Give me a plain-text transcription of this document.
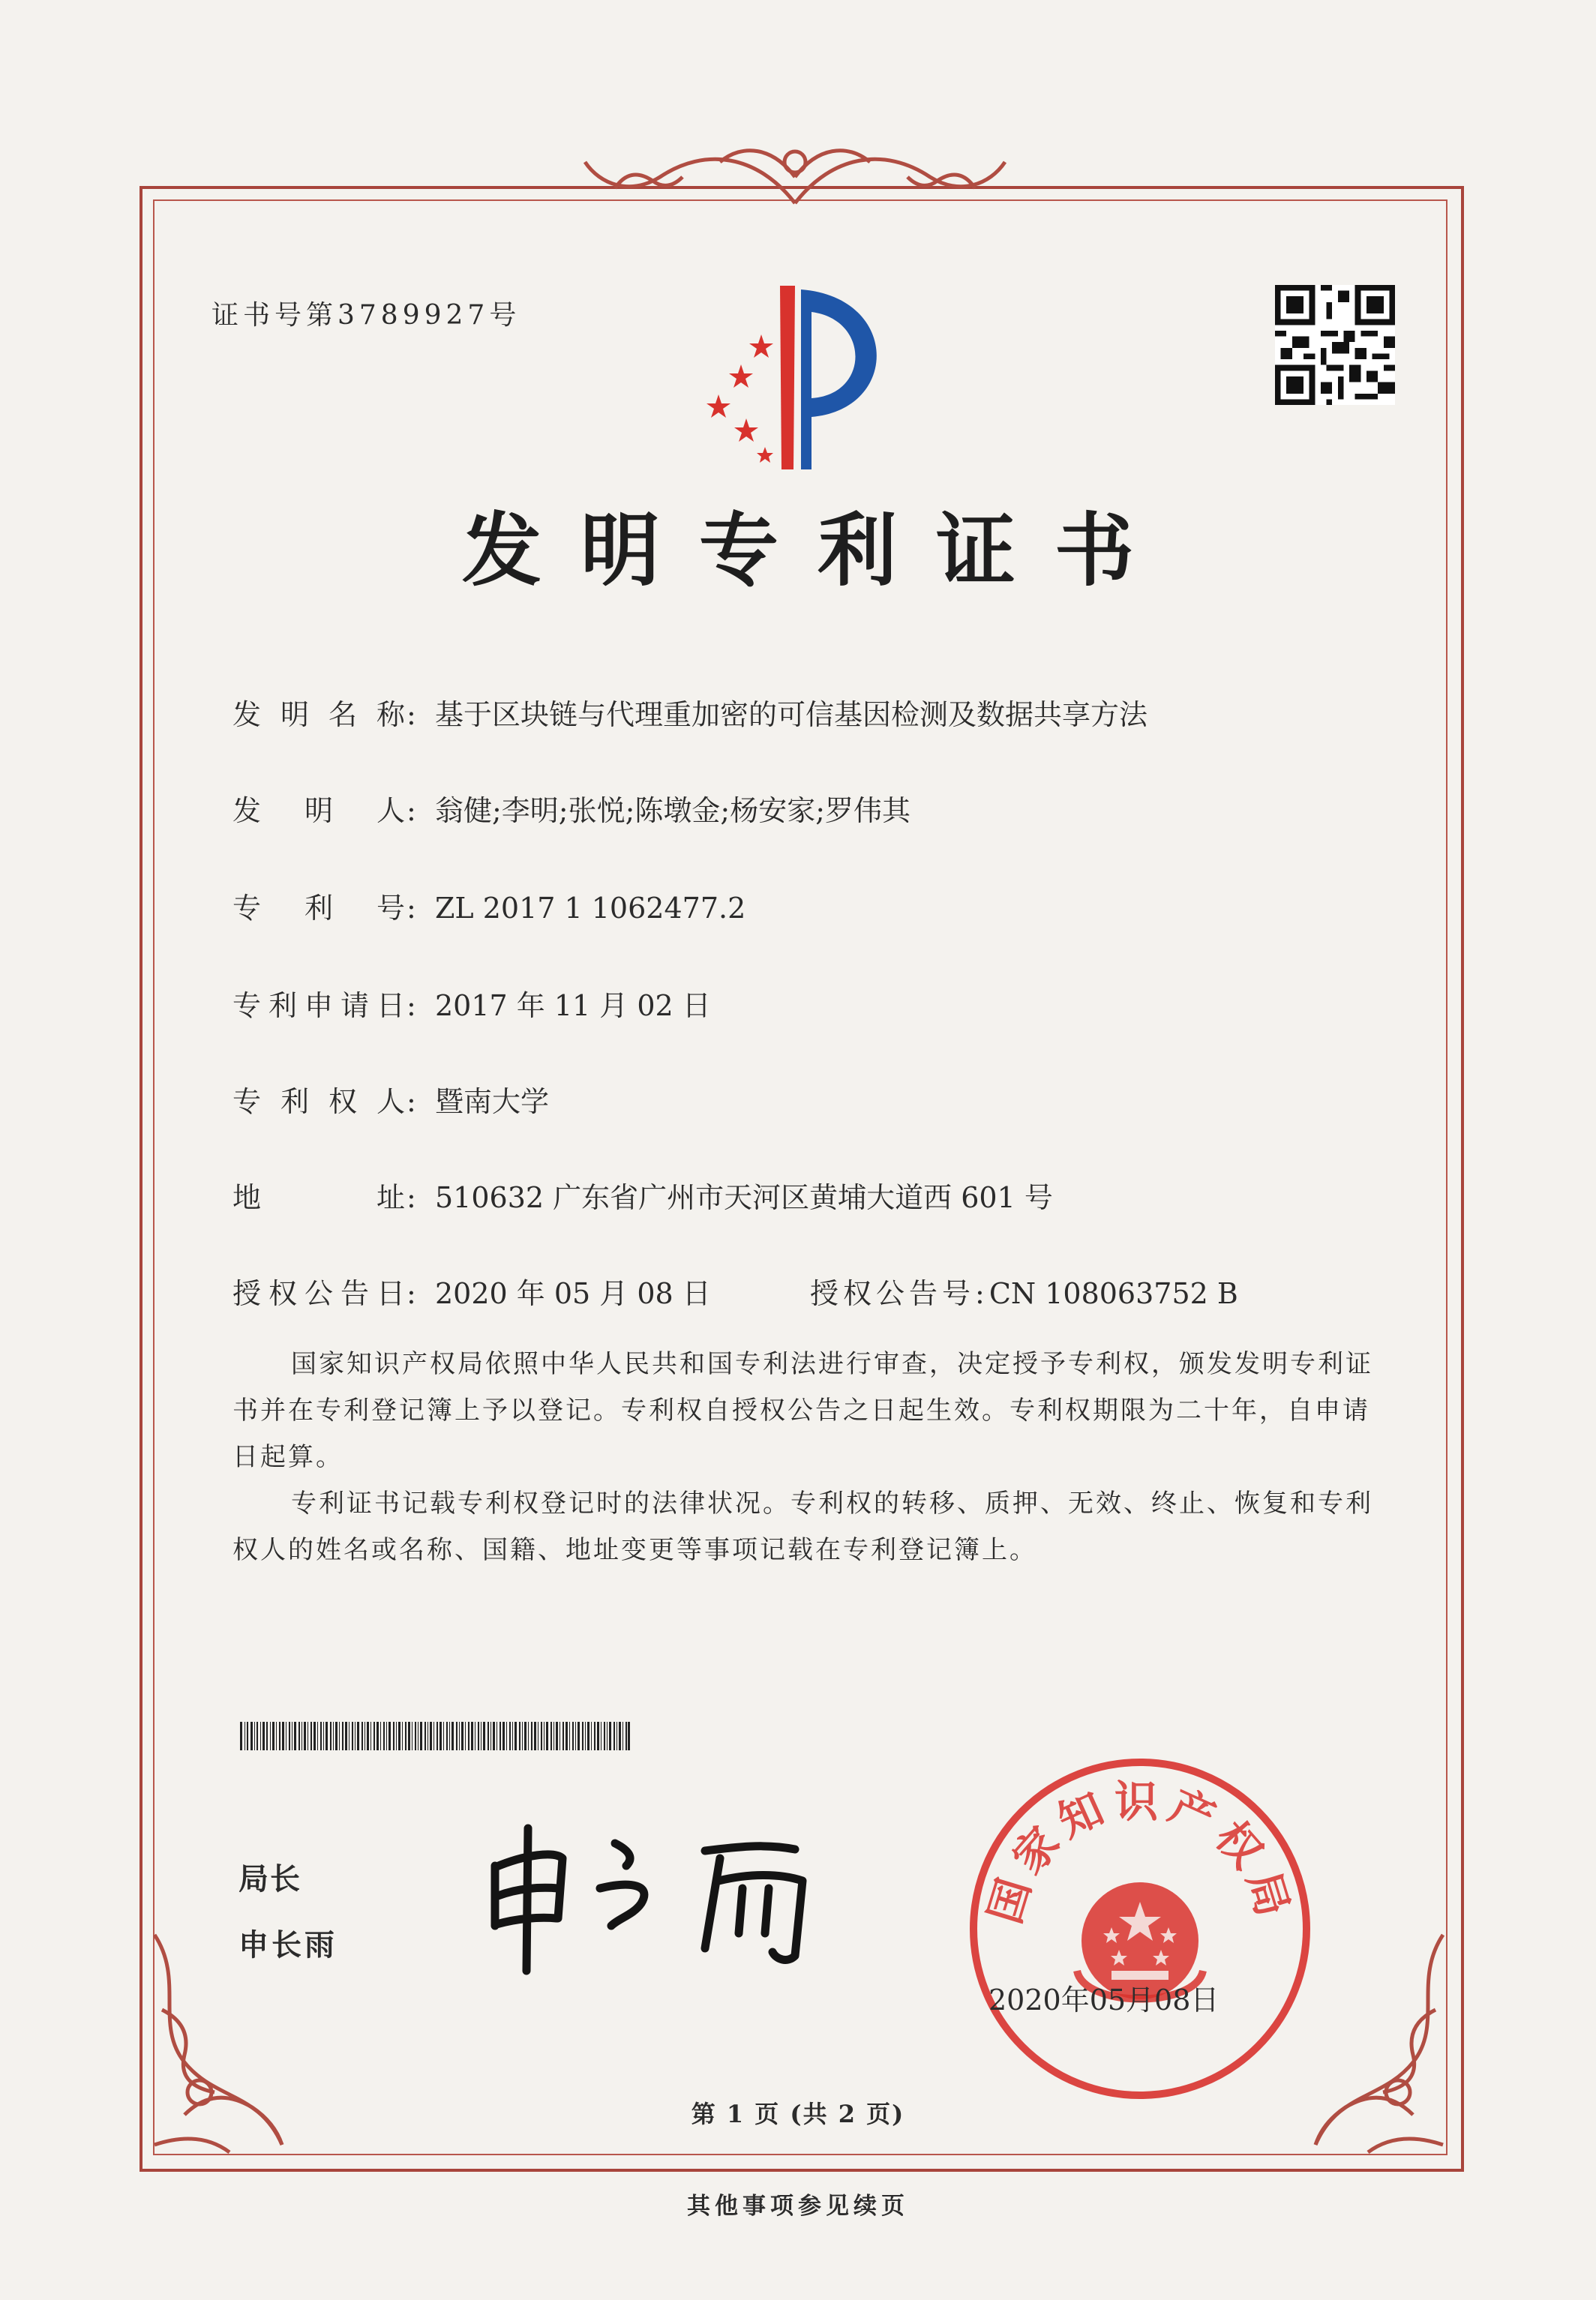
证书号第3789927号
发明专利证书
发 明 名 称 : 基于区块链与代理重加密的可信基因检测及数据共享方法
发 明 人 : 翁健;李明;张悦;陈墩金;杨安家;罗伟其
专 利 号 : ZL 2017 1 1062477.2
专 利 申 请 日 : 2017 年 11 月 02 日
专 利 权 人 : 暨南大学
地	址 : 510632 广东省广州市天河区黄埔大道西 601 号
授 权 公 告 日 : 2020 年 05 月 08 日	授权公告号:CN 108063752 B
国家知识产权局依照中华人民共和国专利法进行审查，决定授予专利权，颁发发明专利证书并在专利登记簿上予以登记。专利权自授权公告之日起生效。专利权期限为二十年，自申请日起算。
专利证书记载专利权登记时的法律状况。专利权的转移、质押、无效、终止、恢复和专利权人的姓名或名称、国籍、地址变更等事项记载在专利登记簿上。
局长
申长雨
国家知识产权局
2020年05月08日
第 1 页 (共 2 页)
其他事项参见续页
